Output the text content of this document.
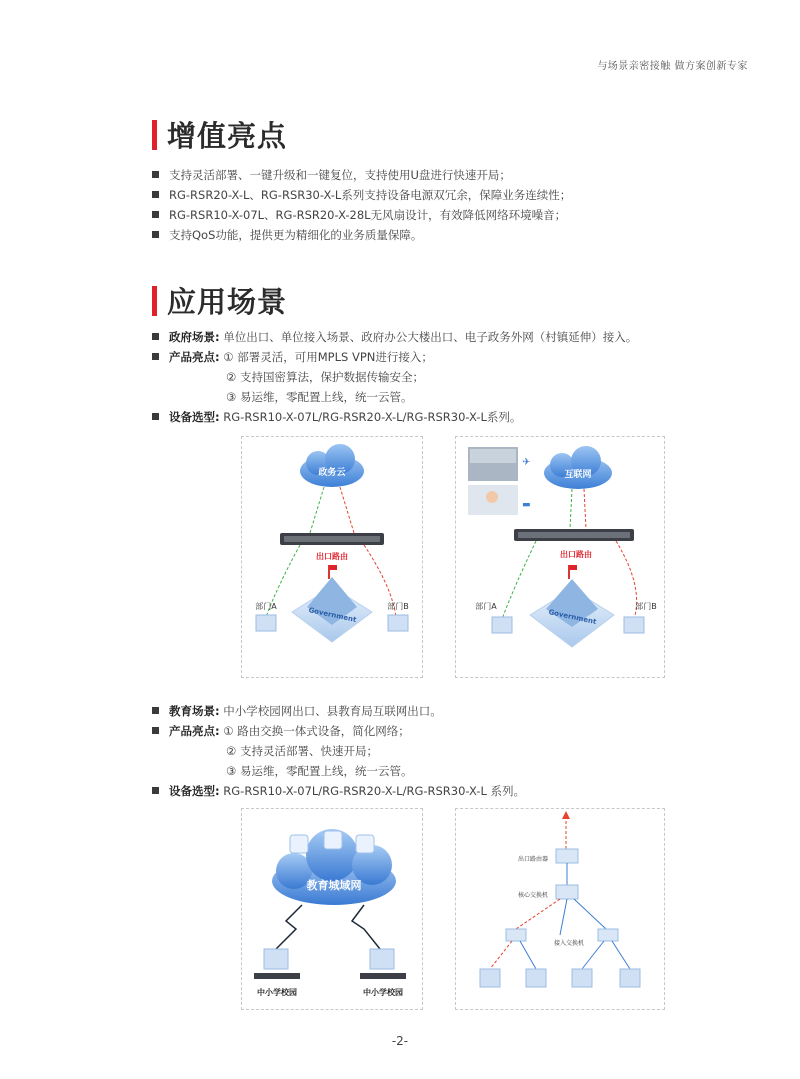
与场景亲密接触 做方案创新专家
增值亮点
支持灵活部署、一键升级和一键复位，支持使用U盘进行快速开局；
RG-RSR20-X-L、RG-RSR30-X-L系列支持设备电源双冗余，保障业务连续性；
RG-RSR10-X-07L、RG-RSR20-X-28L无风扇设计，有效降低网络环境噪音；
支持QoS功能，提供更为精细化的业务质量保障。
应用场景
政府场景:
单位出口、单位接入场景、政府办公大楼出口、电子政务外网（村镇延伸）接入。
产品亮点:
① 部署灵活，可用MPLS VPN进行接入；
② 支持国密算法，保护数据传输安全；
③ 易运维，零配置上线，统一云管。
设备选型:
RG-RSR10-X-07L/RG-RSR20-X-L/RG-RSR30-X-L系列。
政务云
出口路由
Government
部门A	部门B
✈
▬
互联网
出口路由
Government
部门A	部门B
教育场景:
中小学校园网出口、县教育局互联网出口。
产品亮点:
① 路由交换一体式设备，简化网络；
② 支持灵活部署、快速开局；
③ 易运维，零配置上线，统一云管。
设备选型:
RG-RSR10-X-07L/RG-RSR20-X-L/RG-RSR30-X-L 系列。
教育城域网
中小学校园	中小学校园
出口路由器
核心交换机
接入交换机
-2-
